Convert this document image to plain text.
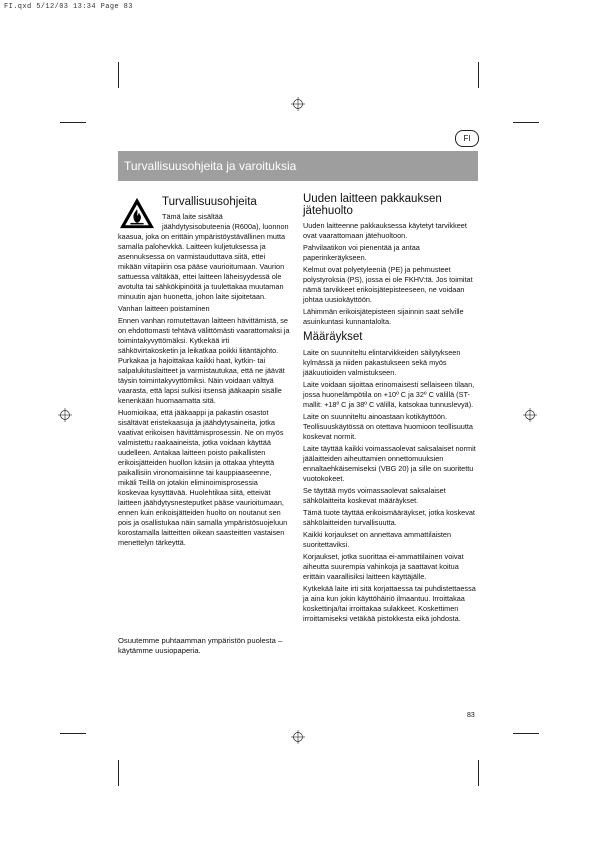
FI.qxd 5/12/03 13:34 Page 83
FI
Turvallisuusohjeita ja varoituksia
Turvallisuusohjeita

Tämä laite sisältää jäähdytysisobuteenia (R600a), luonnon kaasua, joka on erittäin ympäristöystävällinen mutta samalla palohevkkä. Laitteen kuljetuksessa ja asennuksessa on varmistauduttava siitä, ettei mikään viitapiirin osa pääse vaurioitumaan. Vaurion sattuessa vältäkää, ettei laitteen läheisyydessä ole avotulta tai sähkökipinöitä ja tuulettakaa muutaman minuutin ajan huonetta, johon laite sijoitetaan.

Vanhan laitteen poistaminen

Ennen vanhan romutettavan laitteen hävittämistä, se on ehdottomasti tehtävä välittömästi vaarattomaksi ja toimintakyvyttömäksi. Kytkekää irti sähkövirtakosketin ja leikatkaa poikki liitäntäjohto. Purkakaa ja hajoittakaa kaikki haat, kytkin- tai salpalukituslaitteet ja varmistautukaa, että ne jäävät täysin toimintakyvyttömiksi. Näin voidaan välttyä vaarasta, että lapsi sulkisi itsensä jääkaapin sisälle kenenkään huomaamatta sitä.

Huomioikaa, että jääkaappi ja pakastin osastot sisältävät eristekaasuja ja jäähdytysaineita, jotka vaativat erikoisen hävittämisprosessin. Ne on myös valmistettu raakaaineista, jotka voidaan käyttää uudelleen. Antakaa laitteen poisto paikallisten erikoisjätteiden huollon käsiin ja ottakaa yhteyttä paikallisiin vironomaisiinne tai kauppiaaseenne, mikäli Teillä on jotakin eliminoimisprosessia koskevaa kysyttävää. Huolehtikaa siitä, etteivät laitteen jäähdytysnesteputket pääse vaurioitumaan, ennen kuin erikoisjätteiden huolto on noutanut sen pois ja osallistukaa näin samalla ympäristösuojeluun korostamalla laitteitten oikean saasteitten vastaisen menettelyn tärkeyttä.

Osuutemme puhtaamman ympäristön puolesta – käytämme uusiopaperia.
Uuden laitteen pakkauksen jätehuolto

Uuden laitteenne pakkauksessa käytetyt tarvikkeet ovat vaarattomaan jätehuoltoon.

Pahvilaatikon voi pienentää ja antaa paperinkeräykseen.

Kelmut ovat polyetyleeniä (PE) ja pehmusteet polystyroksia (PS), jossa ei ole FKHV:tä. Jos toimitat nämä tarvikkeet erikoisjätepisteeseen, ne voidaan johtaa uusiokäyttöön.

Lähimmän erikoisjätepisteen sijainnin saat selville asuinkuntasi kunnantalolta.

Määräykset

Laite on suunniteltu elintarvikkeiden säilytykseen kylmässä ja niiden pakastukseen sekä myös jääkuutioiden valmistukseen.

Laite voidaan sijoittaa erinomaisesti sellaiseen tilaan, jossa huonelämpötila on +10º C ja 32º C välillä (ST-mallit: +18º C ja 38º C välillä, katsokaa tunnuslevyä).

Laite on suunniteltu ainoastaan kotikäyttöön. Teollisuuskäytössä on otettava huomioon teollisuutta koskevat normit.

Laite täyttää kaikki voimassaolevat saksalaiset normit jäälaitteiden aiheuttamien onnettomuuksien ennaltaehkäisemiseksi (VBG 20) ja sille on suoritettu vuotokokeet.

Se täyttää myös voimassaolevat saksalaiset sähkölaitteita koskevat määräykset.

Tämä tuote täyttää erikoismääräykset, jotka koskevat sähkölaitteiden turvallisuutta.

Kaikki korjaukset on annettava ammattilaisten suoritettaviksi.

Korjaukset, jotka suorittaa ei-ammattilainen voivat aiheutta suurempia vahinkoja ja saattavat koitua erittäin vaarallisiksi laitteen käyttäjälle.

Kytkekää laite irti sitä korjattaessa tai puhdistettaessa ja aina kun jokin käyttöhäiriö ilmaantuu. Irroittakaa koskettinja/tai irroittakaa sulakkeet. Koskettimen irroittamiseksi vetäkää pistokkesta eikä johdosta.

83
